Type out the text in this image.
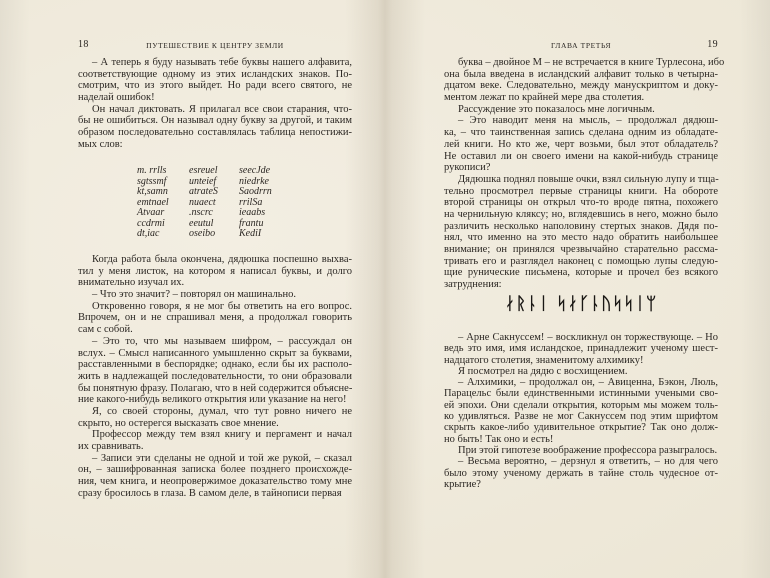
18	ПУТЕШЕСТВИЕ К ЦЕНТРУ ЗЕМЛИ
– А теперь я буду называть тебе буквы нашего алфавита,
соответствующие одному из этих исландских знаков. По-
смотрим, что из этого выйдет. Но ради всего святого, не
наделай ошибок!
Он начал диктовать. Я прилагал все свои старания, что-
бы не ошибиться. Он называл одну букву за другой, и таким
образом последовательно составлялась таблица непостижи-
мых слов:
m. rrlls esreuel seecJde
sgtssmf unteief niedrke
kt,samn atrateS Saodrrn
emtnael nuaect rrilSa
Atvaar .nscrc	ieaabs
ccdrmi eeutul	frantu
dt,iac	oseibo KediI
Когда работа была окончена, дядюшка поспешно выхва-
тил у меня листок, на котором я написал буквы, и долго
внимательно изучал их.
– Что это значит? – повторял он машинально.
Откровенно говоря, я не мог бы ответить на его вопрос.
Впрочем, он и не спрашивал меня, а продолжал говорить
сам с собой.
– Это то, что мы называем шифром, – рассуждал он
вслух. – Смысл написанного умышленно скрыт за буквами,
расставленными в беспорядке; однако, если бы их располо-
жить в надлежащей последовательности, то они образовали
бы понятную фразу. Полагаю, что в ней содержится объясне-
ние какого-нибудь великого открытия или указание на него!
Я, со своей стороны, думал, что тут ровно ничего не
скрыто, но остерегся высказать свое мнение.
Профессор между тем взял книгу и пергамент и начал
их сравнивать.
– Записи эти сделаны не одной и той же рукой, – сказал
он, – зашифрованная записка более позднего происхожде-
ния, чем книга, и неопровержимое доказательство тому мне
сразу бросилось в глаза. В самом деле, в тайнописи первая
ГЛАВА ТРЕТЬЯ	19
буква – двойное М – не встречается в книге Турлесона, ибо
она была введена в исландский алфавит только в четырна-
дцатом веке. Следовательно, между манускриптом и доку-
ментом лежат по крайней мере два столетия.
Рассуждение это показалось мне логичным.
– Это наводит меня на мысль, – продолжал дядюш-
ка, – что таинственная запись сделана одним из обладате-
лей книги. Но кто же, черт возьми, был этот обладатель?
Не оставил ли он своего имени на какой-нибудь странице
рукописи?
Дядюшка поднял повыше очки, взял сильную лупу и тща-
тельно просмотрел первые страницы книги. На обороте
второй страницы он открыл что-то вроде пятна, похожего
на чернильную кляксу; но, вглядевшись в него, можно было
различить несколько наполовину стертых знаков. Дядя по-
нял, что именно на это место надо обратить наибольшее
внимание; он принялся чрезвычайно старательно рассма-
тривать его и разглядел наконец с помощью лупы следую-
щие рунические письмена, которые и прочел без всякого
затруднения:
ᛅᚱᚿᛁ ᛋᛅᚴᚿᚢᛋᛋᛁᛘ
– Арне Сакнуссем! – воскликнул он торжествующе. – Но
ведь это имя, имя исландское, принадлежит ученому шест-
надцатого столетия, знаменитому алхимику!
Я посмотрел на дядю с восхищением.
– Алхимики, – продолжал он, – Авиценна, Бэкон, Люль,
Парацельс были единственными истинными учеными сво-
ей эпохи. Они сделали открытия, которым мы можем толь-
ко удивляться. Разве не мог Сакнуссем под этим шрифтом
скрыть какое-либо удивительное открытие? Так оно долж-
но быть! Так оно и есть!
При этой гипотезе воображение профессора разыгралось.
– Весьма вероятно, – дерзнул я ответить, – но для чего
было этому ученому держать в тайне столь чудесное от-
крытие?
